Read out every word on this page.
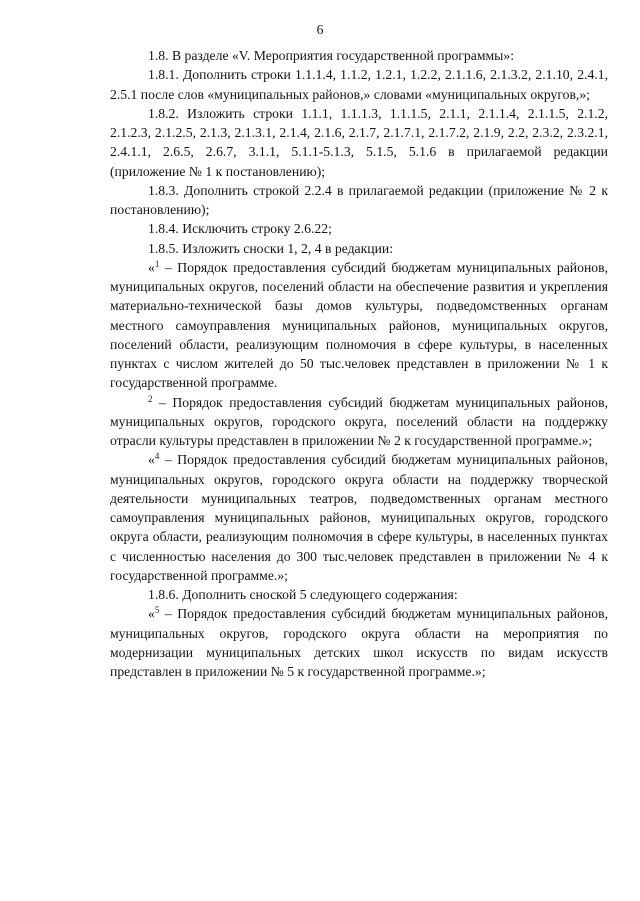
6

1.8. В разделе «V. Мероприятия государственной программы»:

1.8.1. Дополнить строки 1.1.1.4, 1.1.2, 1.2.1, 1.2.2, 2.1.1.6, 2.1.3.2, 2.1.10, 2.4.1, 2.5.1 после слов «муниципальных районов,» словами «муниципальных округов,»;

1.8.2. Изложить строки 1.1.1, 1.1.1.3, 1.1.1.5, 2.1.1, 2.1.1.4, 2.1.1.5, 2.1.2, 2.1.2.3, 2.1.2.5, 2.1.3, 2.1.3.1, 2.1.4, 2.1.6, 2.1.7, 2.1.7.1, 2.1.7.2, 2.1.9, 2.2, 2.3.2, 2.3.2.1, 2.4.1.1, 2.6.5, 2.6.7, 3.1.1, 5.1.1-5.1.3, 5.1.5, 5.1.6 в прилагаемой редакции (приложение № 1 к постановлению);

1.8.3. Дополнить строкой 2.2.4 в прилагаемой редакции (приложение № 2 к постановлению);

1.8.4. Исключить строку 2.6.22;

1.8.5. Изложить сноски 1, 2, 4 в редакции:

«$^1$ – Порядок предоставления субсидий бюджетам муниципальных районов, муниципальных округов, поселений области на обеспечение развития и укрепления материально-технической базы домов культуры, подведомственных органам местного самоуправления муниципальных районов, муниципальных округов, поселений области, реализующим полномочия в сфере культуры, в населенных пунктах с числом жителей до 50 тыс.человек представлен в приложении № 1 к государственной программе.

$^2$ – Порядок предоставления субсидий бюджетам муниципальных районов, муниципальных округов, городского округа, поселений области на поддержку отрасли культуры представлен в приложении № 2 к государственной программе.»;

«$^4$ – Порядок предоставления субсидий бюджетам муниципальных районов, муниципальных округов, городского округа области на поддержку творческой деятельности муниципальных театров, подведомственных органам местного самоуправления муниципальных районов, муниципальных округов, городского округа области, реализующим полномочия в сфере культуры, в населенных пунктах с численностью населения до 300 тыс.человек представлен в приложении № 4 к государственной программе.»;

1.8.6. Дополнить сноской 5 следующего содержания:

«$^5$ – Порядок предоставления субсидий бюджетам муниципальных районов, муниципальных округов, городского округа области на мероприятия по модернизации муниципальных детских школ искусств по видам искусств представлен в приложении № 5 к государственной программе.»;
